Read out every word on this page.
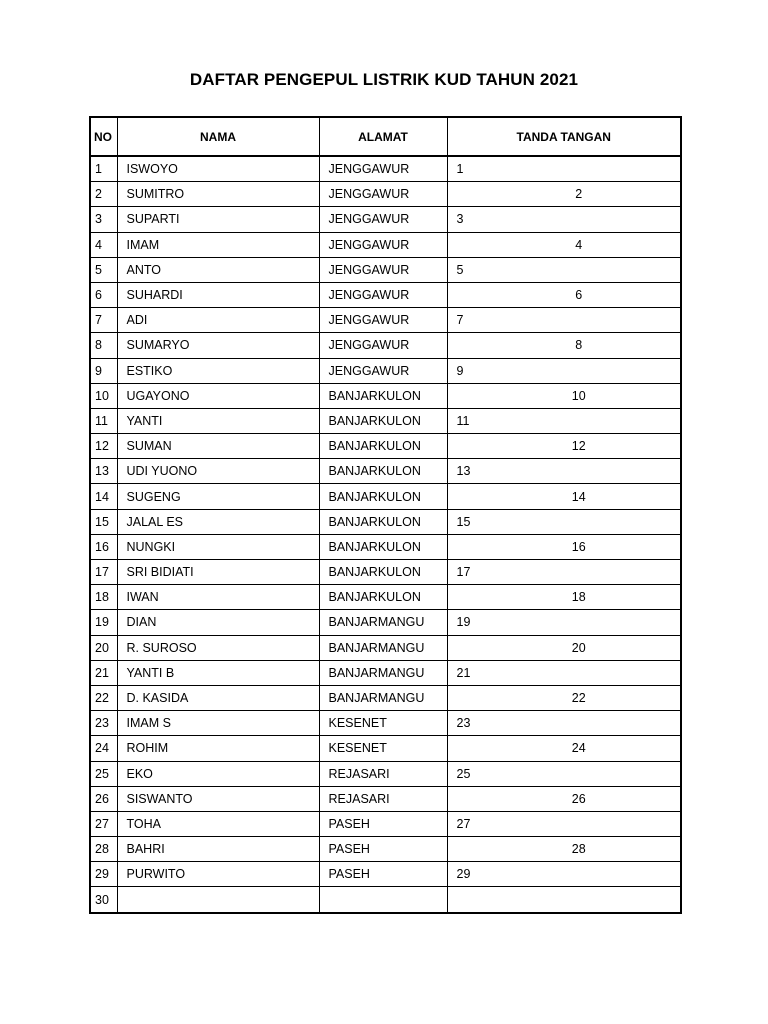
DAFTAR PENGEPUL LISTRIK KUD TAHUN 2021
NO	NAMA	ALAMAT	TANDA TANGAN
1	ISWOYO	JENGGAWUR	1
2	SUMITRO	JENGGAWUR	2
3	SUPARTI	JENGGAWUR	3
4	IMAM	JENGGAWUR	4
5	ANTO	JENGGAWUR	5
6	SUHARDI	JENGGAWUR	6
7	ADI	JENGGAWUR	7
8	SUMARYO	JENGGAWUR	8
9	ESTIKO	JENGGAWUR	9
10	UGAYONO	BANJARKULON	10
11	YANTI	BANJARKULON	11
12	SUMAN	BANJARKULON	12
13	UDI YUONO	BANJARKULON	13
14	SUGENG	BANJARKULON	14
15	JALAL ES	BANJARKULON	15
16	NUNGKI	BANJARKULON	16
17	SRI BIDIATI	BANJARKULON	17
18	IWAN	BANJARKULON	18
19	DIAN	BANJARMANGU	19
20	R. SUROSO	BANJARMANGU	20
21	YANTI B	BANJARMANGU	21
22	D. KASIDA	BANJARMANGU	22
23	IMAM S	KESENET	23
24	ROHIM	KESENET	24
25	EKO	REJASARI	25
26	SISWANTO	REJASARI	26
27	TOHA	PASEH	27
28	BAHRI	PASEH	28
29	PURWITO	PASEH	29
30			
